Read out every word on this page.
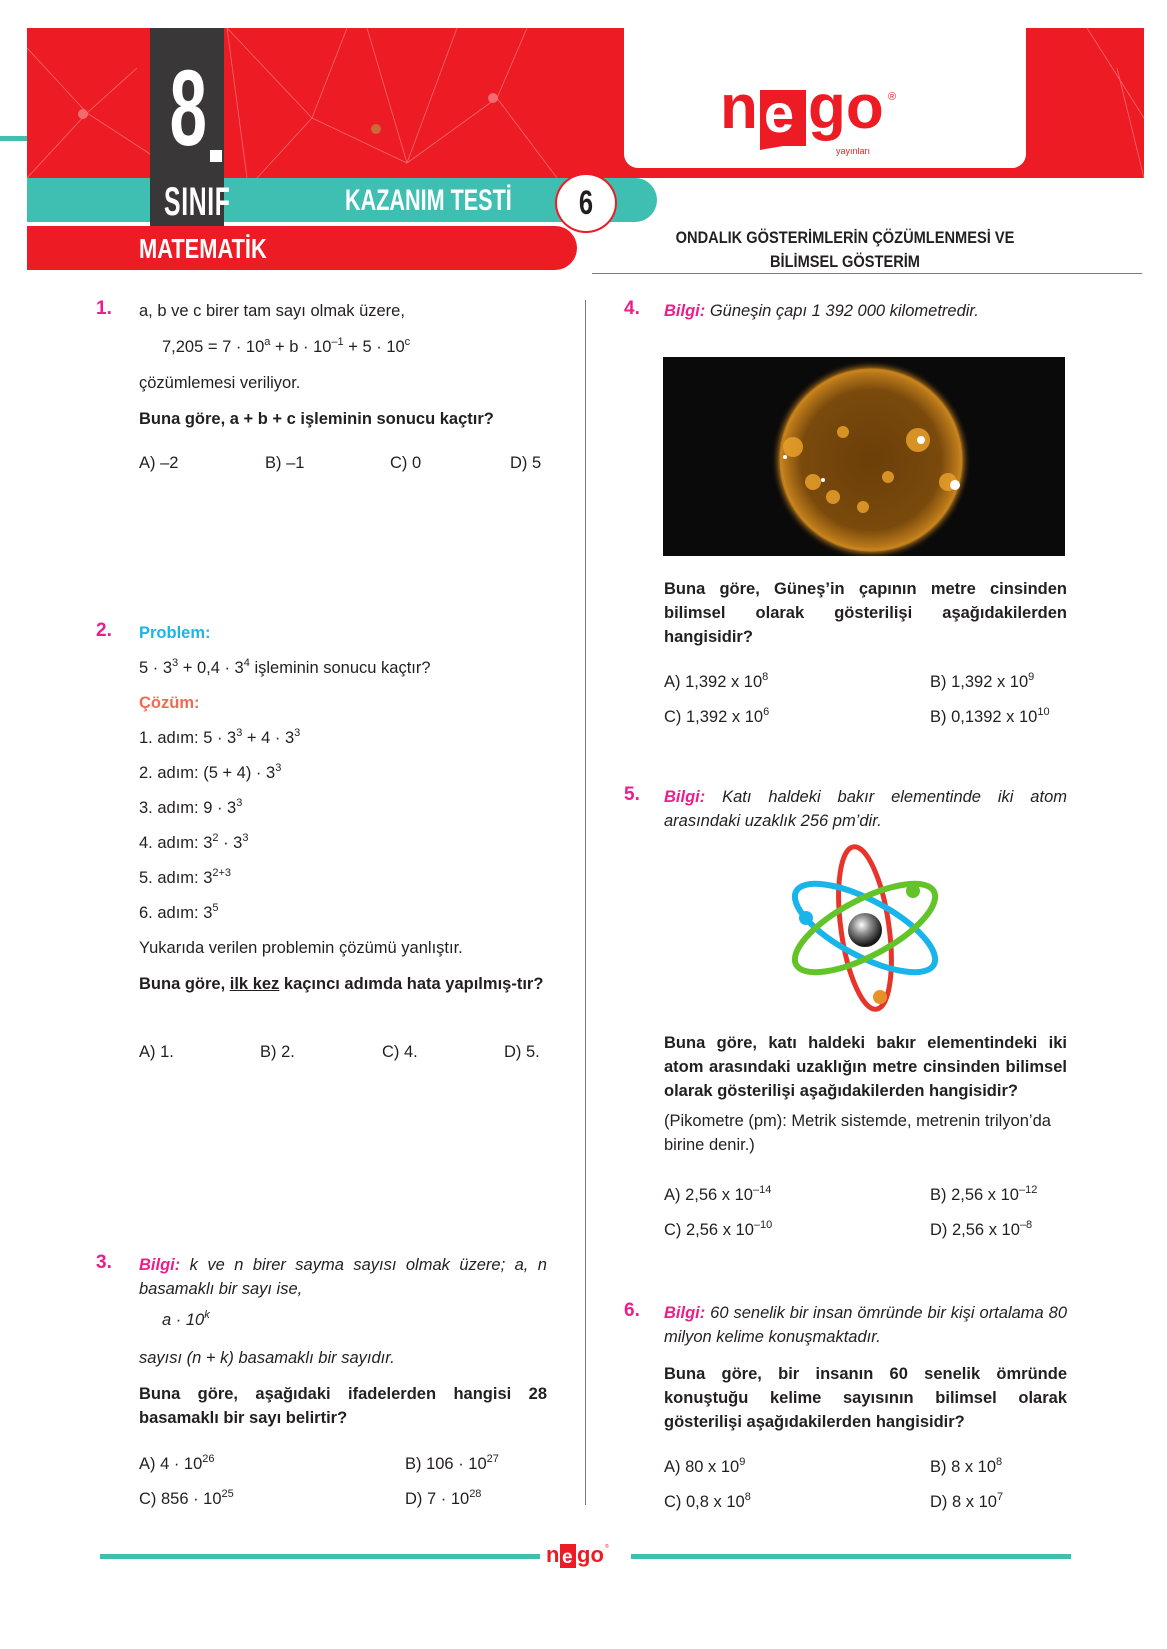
8
SINIF	KAZANIM TESTİ	6
MATEMATİK
n e go ®
yayınları
ONDALIK GÖSTERİMLERİN ÇÖZÜMLENMESİ VE
BİLİMSEL GÖSTERİM
1. a, b ve c birer tam sayı olmak üzere,
$7,205 = 7 \cdot 10^a + b \cdot 10^{-1} + 5 \cdot 10^c$
çözümlemesi veriliyor.
Buna göre, a + b + c işleminin sonucu kaçtır?
A) –2	B) –1	C) 0	D) 5
2. Problem:
$5 \cdot 3^3 + 0,4 \cdot 3^4$ işleminin sonucu kaçtır?
Çözüm:
1. adım: $5 \cdot 3^3 + 4 \cdot 3^3$
2. adım: $(5 + 4) \cdot 3^3$
3. adım: $9 \cdot 3^3$
4. adım: $3^2 \cdot 3^3$
5. adım: $3^{2+3}$
6. adım: $3^5$
Yukarıda verilen problemin çözümü yanlıştır.
Buna göre, ilk kez kaçıncı adımda hata yapılmış-tır?
A) 1.	B) 2.	C) 4.	D) 5.
3. Bilgi: k ve n birer sayma sayısı olmak üzere; a, n basamaklı bir sayı ise,
$a \cdot 10^k$
sayısı (n + k) basamaklı bir sayıdır.
Buna göre, aşağıdaki ifadelerden hangisi 28 basamaklı bir sayı belirtir?
A) $4 \cdot 10^{26}$	B) $106 \cdot 10^{27}$
C) $856 \cdot 10^{25}$	D) $7 \cdot 10^{28}$
4. Bilgi: Güneşin çapı 1 392 000 kilometredir.
Buna göre, Güneş’in çapının metre cinsinden bilimsel olarak gösterilişi aşağıdakilerden hangisidir?
A) 1,392 x $10^8$	B) 1,392 x $10^9$
C) 1,392 x $10^6$	B) 0,1392 x $10^{10}$
5. Bilgi: Katı haldeki bakır elementinde iki atom arasındaki uzaklık 256 pm’dir.
Buna göre, katı haldeki bakır elementindeki iki atom arasındaki uzaklığın metre cinsinden bilimsel olarak gösterilişi aşağıdakilerden hangisidir?
(Pikometre (pm): Metrik sistemde, metrenin trilyon’da birine denir.)
A) 2,56 x $10^{-14}$	B) 2,56 x $10^{-12}$
C) 2,56 x $10^{-10}$	D) 2,56 x $10^{-8}$
6. Bilgi: 60 senelik bir insan ömründe bir kişi ortalama 80 milyon kelime konuşmaktadır.
Buna göre, bir insanın 60 senelik ömründe konuştuğu kelime sayısının bilimsel olarak gösterilişi aşağıdakilerden hangisidir?
A) 80 x $10^9$	B) 8 x $10^8$
C) 0,8 x $10^8$	D) 8 x $10^7$
n e go ®
